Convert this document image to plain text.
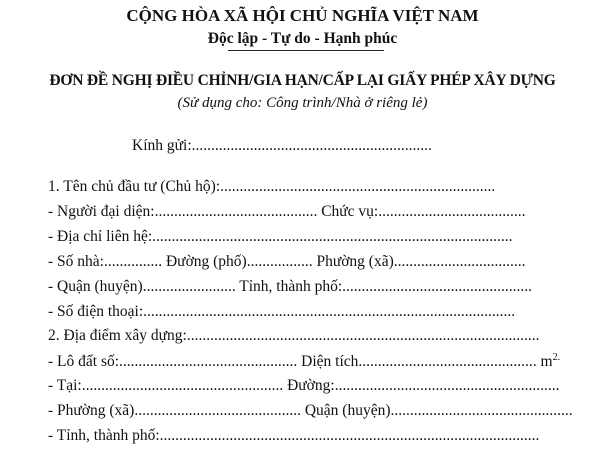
CỘNG HÒA XÃ HỘI CHỦ NGHĨA VIỆT NAM
Độc lập - Tự do - Hạnh phúc
ĐƠN ĐỀ NGHỊ ĐIỀU CHỈNH/GIA HẠN/CẤP LẠI GIẤY PHÉP XÂY DỰNG
(Sử dụng cho: Công trình/Nhà ở riêng lẻ)
Kính gửi:..............................................................
1. Tên chủ đầu tư (Chủ hộ):.......................................................................
- Người đại diện:.......................................... Chức vụ:......................................
- Địa chỉ liên hệ:.............................................................................................
- Số nhà:............... Đường (phố)................. Phường (xã)..................................
- Quận (huyện)........................ Tỉnh, thành phố:.................................................
- Số điện thoại:................................................................................................
2. Địa điểm xây dựng:...........................................................................................
- Lô đất số:.............................................. Diện tích.............................................. $m^{2.}$
- Tại:.................................................... Đường:..........................................................
- Phường (xã)........................................... Quận (huyện)...............................................
- Tỉnh, thành phố:..................................................................................................
